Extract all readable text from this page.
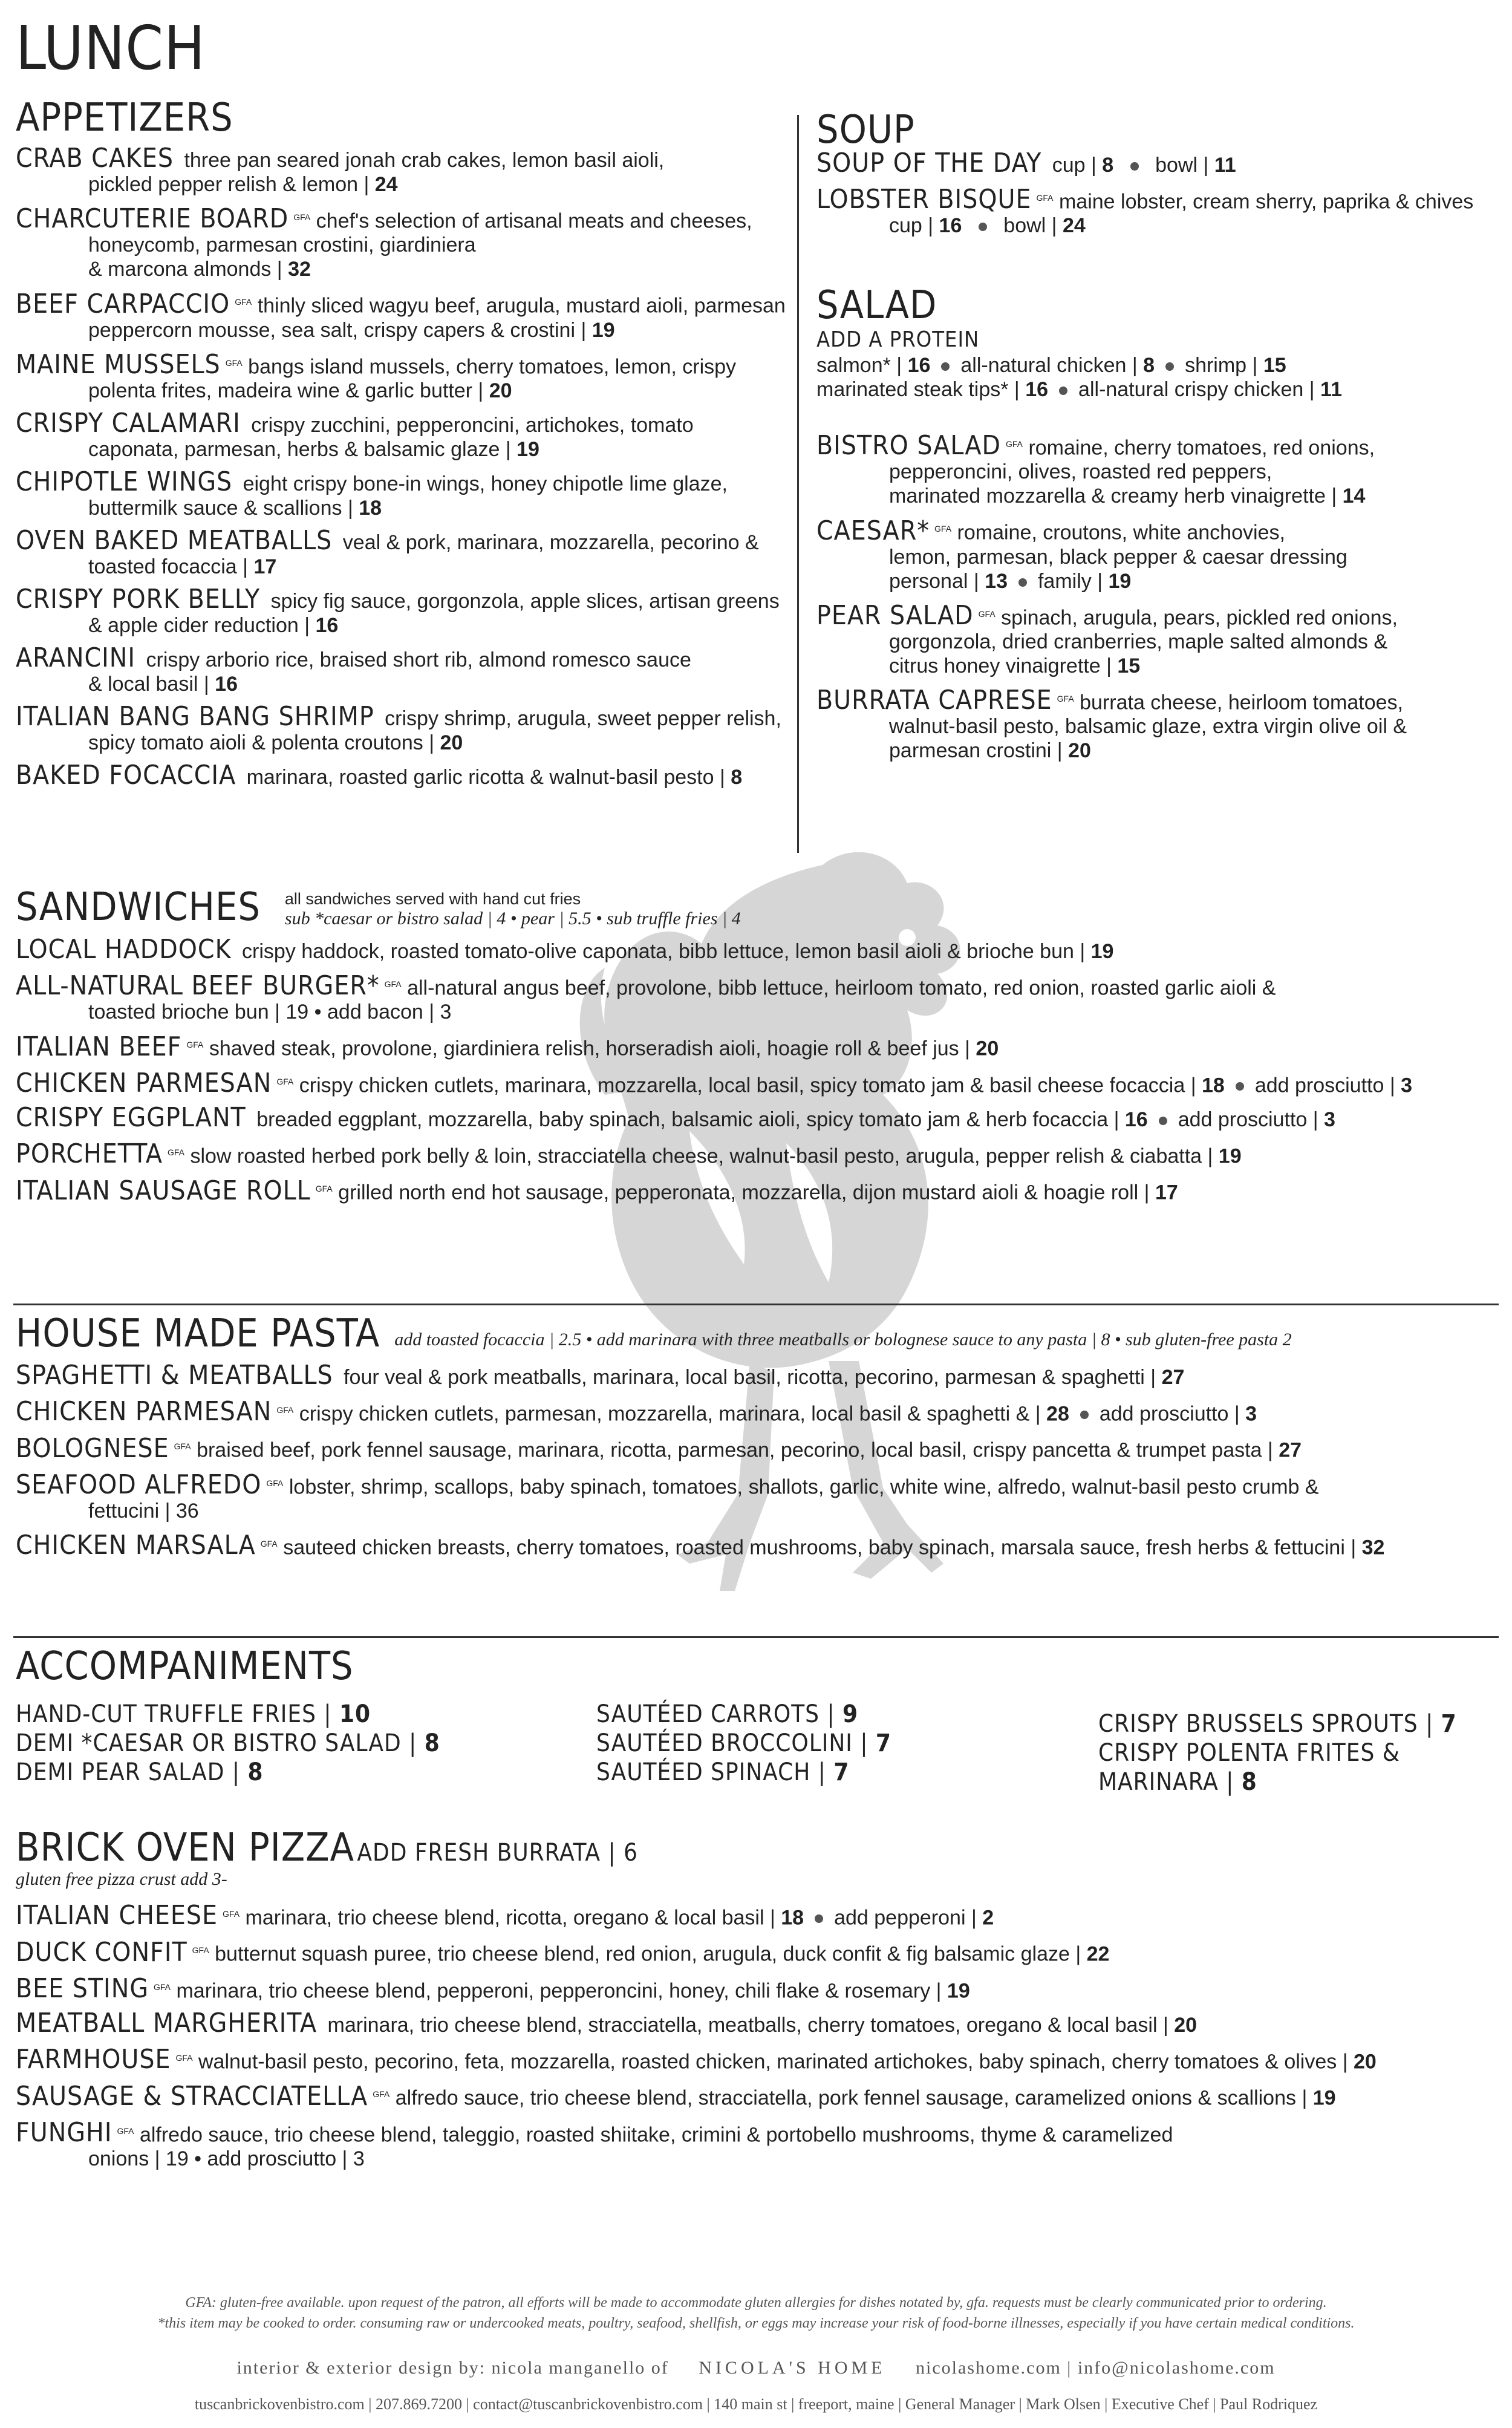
LUNCH
APPETIZERS
CRAB CAKES three pan seared jonah crab cakes, lemon basil aioli,
pickled pepper relish & lemon | 24
CHARCUTERIE BOARD $^{GFA}$ chef's selection of artisanal meats and cheeses,
honeycomb, parmesan crostini, giardiniera
& marcona almonds | 32
BEEF CARPACCIO $^{GFA}$ thinly sliced wagyu beef, arugula, mustard aioli, parmesan
peppercorn mousse, sea salt, crispy capers & crostini | 19
MAINE MUSSELS $^{GFA}$ bangs island mussels, cherry tomatoes, lemon, crispy
polenta frites, madeira wine & garlic butter | 20
CRISPY CALAMARI crispy zucchini, pepperoncini, artichokes, tomato
caponata, parmesan, herbs & balsamic glaze | 19
CHIPOTLE WINGS eight crispy bone-in wings, honey chipotle lime glaze,
buttermilk sauce & scallions | 18
OVEN BAKED MEATBALLS veal & pork, marinara, mozzarella, pecorino &
toasted focaccia | 17
CRISPY PORK BELLY spicy fig sauce, gorgonzola, apple slices, artisan greens
& apple cider reduction | 16
ARANCINI crispy arborio rice, braised short rib, almond romesco sauce
& local basil | 16
ITALIAN BANG BANG SHRIMP crispy shrimp, arugula, sweet pepper relish,
spicy tomato aioli & polenta croutons | 20
BAKED FOCACCIA marinara, roasted garlic ricotta & walnut-basil pesto | 8
SOUP
SOUP OF THE DAY cup | 8 bowl | 11
LOBSTER BISQUE $^{GFA}$ maine lobster, cream sherry, paprika & chives
cup | 16 bowl | 24
SALAD
ADD A PROTEIN
salmon* | 16 all-natural chicken | 8 shrimp | 15
marinated steak tips* | 16 all-natural crispy chicken | 11
BISTRO SALAD $^{GFA}$ romaine, cherry tomatoes, red onions,
pepperoncini, olives, roasted red peppers,
marinated mozzarella & creamy herb vinaigrette | 14
CAESAR* $^{GFA}$ romaine, croutons, white anchovies,
lemon, parmesan, black pepper & caesar dressing
personal | 13 family | 19
PEAR SALAD $^{GFA}$ spinach, arugula, pears, pickled red onions,
gorgonzola, dried cranberries, maple salted almonds &
citrus honey vinaigrette | 15
BURRATA CAPRESE $^{GFA}$ burrata cheese, heirloom tomatoes,
walnut-basil pesto, balsamic glaze, extra virgin olive oil &
parmesan crostini | 20
SANDWICHES all sandwiches served with hand cut fries
sub *caesar or bistro salad | 4 • pear | 5.5 • sub truffle fries | 4
LOCAL HADDOCK crispy haddock, roasted tomato-olive caponata, bibb lettuce, lemon basil aioli & brioche bun | 19
ALL-NATURAL BEEF BURGER* $^{GFA}$ all-natural angus beef, provolone, bibb lettuce, heirloom tomato, red onion, roasted garlic aioli &
toasted brioche bun | 19 • add bacon | 3
ITALIAN BEEF $^{GFA}$ shaved steak, provolone, giardiniera relish, horseradish aioli, hoagie roll & beef jus | 20
CHICKEN PARMESAN $^{GFA}$ crispy chicken cutlets, marinara, mozzarella, local basil, spicy tomato jam & basil cheese focaccia | 18 add prosciutto | 3
CRISPY EGGPLANT breaded eggplant, mozzarella, baby spinach, balsamic aioli, spicy tomato jam & herb focaccia | 16 add prosciutto | 3
PORCHETTA $^{GFA}$ slow roasted herbed pork belly & loin, stracciatella cheese, walnut-basil pesto, arugula, pepper relish & ciabatta | 19
ITALIAN SAUSAGE ROLL $^{GFA}$ grilled north end hot sausage, pepperonata, mozzarella, dijon mustard aioli & hoagie roll | 17
HOUSE MADE PASTA add toasted focaccia | 2.5 • add marinara with three meatballs or bolognese sauce to any pasta | 8 • sub gluten-free pasta 2
SPAGHETTI & MEATBALLS four veal & pork meatballs, marinara, local basil, ricotta, pecorino, parmesan & spaghetti | 27
CHICKEN PARMESAN $^{GFA}$ crispy chicken cutlets, parmesan, mozzarella, marinara, local basil & spaghetti & | 28 add prosciutto | 3
BOLOGNESE $^{GFA}$ braised beef, pork fennel sausage, marinara, ricotta, parmesan, pecorino, local basil, crispy pancetta & trumpet pasta | 27
SEAFOOD ALFREDO $^{GFA}$ lobster, shrimp, scallops, baby spinach, tomatoes, shallots, garlic, white wine, alfredo, walnut-basil pesto crumb &
fettucini | 36
CHICKEN MARSALA $^{GFA}$ sauteed chicken breasts, cherry tomatoes, roasted mushrooms, baby spinach, marsala sauce, fresh herbs & fettucini | 32
ACCOMPANIMENTS
HAND-CUT TRUFFLE FRIES | 10
DEMI *CAESAR OR BISTRO SALAD | 8
DEMI PEAR SALAD | 8
SAUTÉED CARROTS | 9
SAUTÉED BROCCOLINI | 7
SAUTÉED SPINACH | 7
CRISPY BRUSSELS SPROUTS | 7
CRISPY POLENTA FRITES & MARINARA | 8
BRICK OVEN PIZZA ADD FRESH BURRATA | 6
gluten free pizza crust add 3-
ITALIAN CHEESE $^{GFA}$ marinara, trio cheese blend, ricotta, oregano & local basil | 18 add pepperoni | 2
DUCK CONFIT $^{GFA}$ butternut squash puree, trio cheese blend, red onion, arugula, duck confit & fig balsamic glaze | 22
BEE STING $^{GFA}$ marinara, trio cheese blend, pepperoni, pepperoncini, honey, chili flake & rosemary | 19
MEATBALL MARGHERITA marinara, trio cheese blend, stracciatella, meatballs, cherry tomatoes, oregano & local basil | 20
FARMHOUSE $^{GFA}$ walnut-basil pesto, pecorino, feta, mozzarella, roasted chicken, marinated artichokes, baby spinach, cherry tomatoes & olives | 20
SAUSAGE & STRACCIATELLA $^{GFA}$ alfredo sauce, trio cheese blend, stracciatella, pork fennel sausage, caramelized onions & scallions | 19
FUNGHI $^{GFA}$ alfredo sauce, trio cheese blend, taleggio, roasted shiitake, crimini & portobello mushrooms, thyme & caramelized
onions | 19 • add prosciutto | 3
GFA: gluten-free available. upon request of the patron, all efforts will be made to accommodate gluten allergies for dishes notated by, gfa. requests must be clearly communicated prior to ordering.
*this item may be cooked to order. consuming raw or undercooked meats, poultry, seafood, shellfish, or eggs may increase your risk of food-borne illnesses, especially if you have certain medical conditions.
interior & exterior design by: nicola manganello of NICOLA'S HOME nicolashome.com | info@nicolashome.com
tuscanbrickovenbistro.com | 207.869.7200 | contact@tuscanbrickovenbistro.com | 140 main st | freeport, maine | General Manager | Mark Olsen | Executive Chef | Paul Rodriquez
